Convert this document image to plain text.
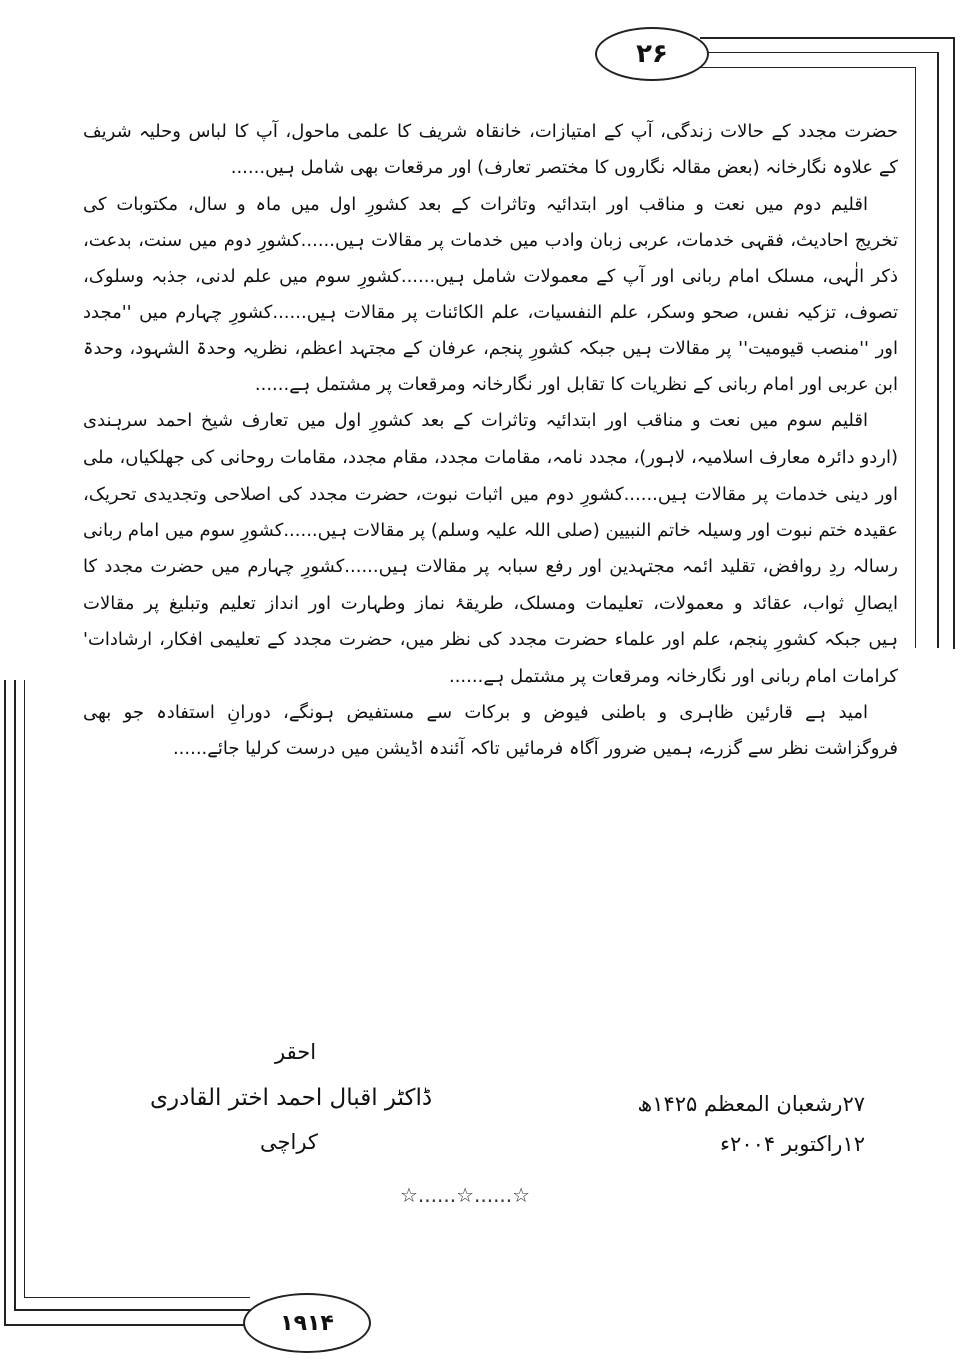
۲۶
۱۹۱۴
حضرت مجدد کے حالات زندگی، آپ کے امتیازات، خانقاہ شریف کا علمی ماحول، آپ کا لباس وحلیہ شریف
کے علاوہ نگارخانہ (بعض مقالہ نگاروں کا مختصر تعارف) اور مرقعات بھی شامل ہیں......
اقلیم دوم میں نعت و مناقب اور ابتدائیہ وتاثرات کے بعد کشورِ اول میں ماہ و سال، مکتوبات کی
تخریج احادیث، فقہی خدمات، عربی زبان وادب میں خدمات پر مقالات ہیں......کشورِ دوم میں سنت، بدعت،
ذکر الٰہی، مسلک امام ربانی اور آپ کے معمولات شامل ہیں......کشورِ سوم میں علم لدنی، جذبہ وسلوک،
تصوف، تزکیہ نفس، صحو وسکر، علم النفسیات، علم الکائنات پر مقالات ہیں......کشورِ چہارم میں ''مجدد
اور ''منصب قیومیت'' پر مقالات ہیں جبکہ کشورِ پنجم، عرفان کے مجتہد اعظم، نظریہ وحدۃ الشہود، وحدۃ
ابن عربی اور امام ربانی کے نظریات کا تقابل اور نگارخانہ ومرقعات پر مشتمل ہے......
اقلیم سوم میں نعت و مناقب اور ابتدائیہ وتاثرات کے بعد کشورِ اول میں تعارف شیخ احمد سرہندی
(اردو دائرہ معارف اسلامیہ، لاہور)، مجدد نامہ، مقامات مجدد، مقام مجدد، مقامات روحانی کی جھلکیاں، ملی
اور دینی خدمات پر مقالات ہیں......کشورِ دوم میں اثبات نبوت، حضرت مجدد کی اصلاحی وتجدیدی تحریک،
عقیدہ ختم نبوت اور وسیلہ خاتم النبیین (صلی اللہ علیہ وسلم) پر مقالات ہیں......کشورِ سوم میں امام ربانی
رسالہ ردِ روافض، تقلید ائمہ مجتہدین اور رفع سبابہ پر مقالات ہیں......کشورِ چہارم میں حضرت مجدد کا
ایصالِ ثواب، عقائد و معمولات، تعلیمات ومسلک، طریقۂ نماز وطہارت اور انداز تعلیم وتبلیغ پر مقالات
ہیں جبکہ کشورِ پنجم، علم اور علماء حضرت مجدد کی نظر میں، حضرت مجدد کے تعلیمی افکار، ارشادات'
کرامات امام ربانی اور نگارخانہ ومرقعات پر مشتمل ہے......
امید ہے قارئین ظاہری و باطنی فیوض و برکات سے مستفیض ہونگے، دورانِ استفادہ جو بھی
فروگزاشت نظر سے گزرے، ہمیں ضرور آگاہ فرمائیں تاکہ آئندہ اڈیشن میں درست کرلیا جائے......
احقر
ڈاکٹر اقبال احمد اختر القادری
کراچی
۲۷رشعبان المعظم ۱۴۲۵ھ
۱۲راکتوبر ۲۰۰۴ء
☆......☆......☆
